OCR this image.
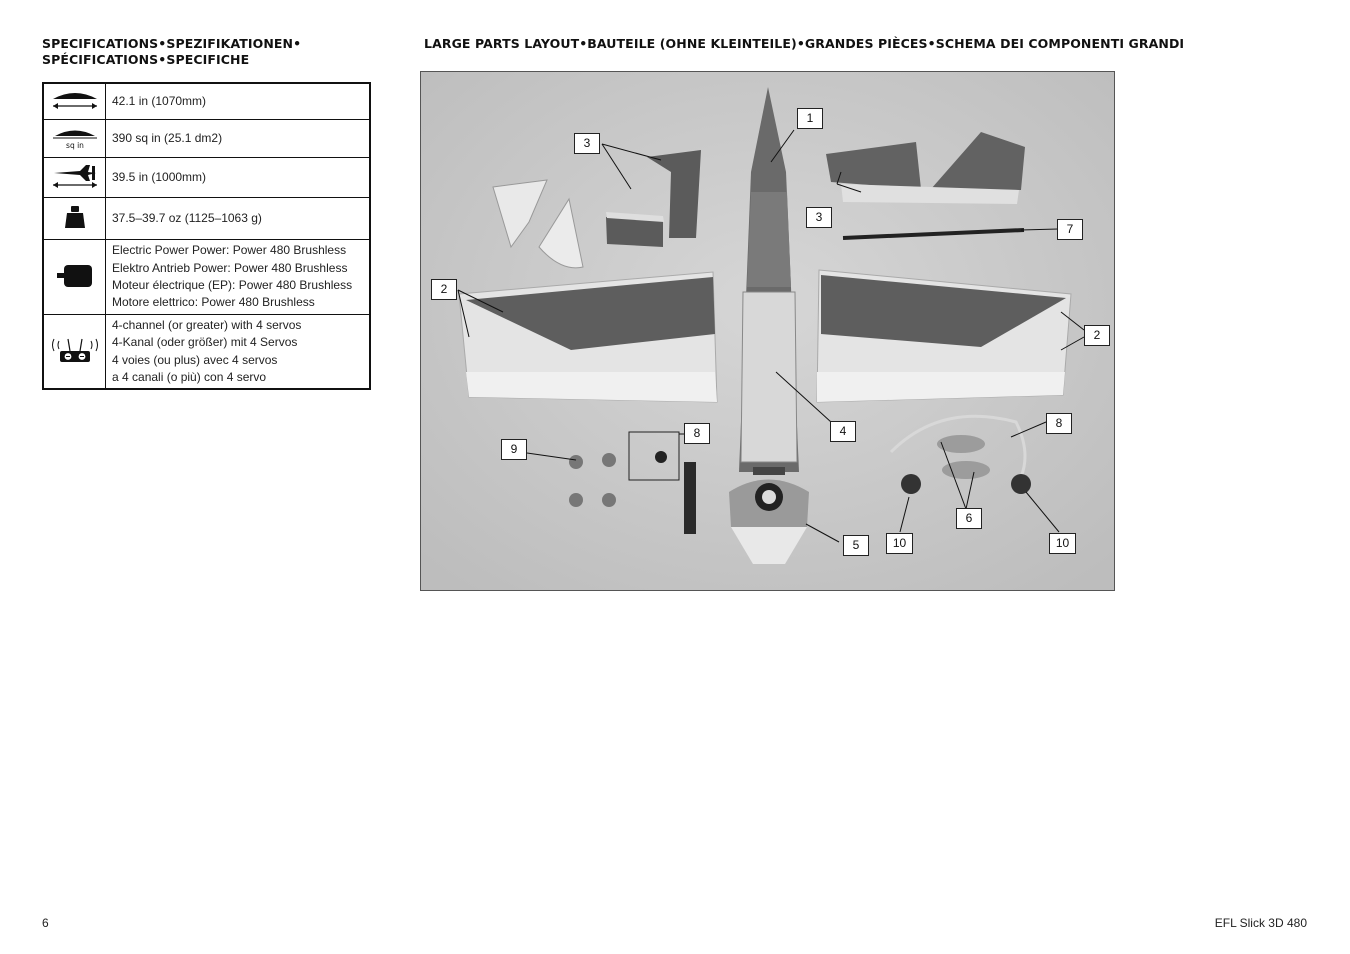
SPECIFICATIONS•SPEZIFIKATIONEN• SPÉCIFICATIONS•SPECIFICHE
LARGE PARTS LAYOUT•BAUTEILE (OHNE KLEINTEILE)•GRANDES PIÈCES•SCHEMA DEI COMPONENTI GRANDI

42.1 in (1070mm)

sq in	390 sq in (25.1 dm2)

39.5 in (1000mm)

37.5–39.7 oz (1125–1063 g)

Electric Power Power: Power 480 Brushless
Elektro Antrieb Power: Power 480 Brushless
Moteur électrique (EP): Power 480 Brushless
Motore elettrico: Power 480 Brushless

4-channel (or greater) with 4 servos
4-Kanal (oder größer) mit 4 Servos
4 voies (ou plus) avec 4 servos
a 4 canali (o più) con 4 servo
1
3
3
7
2
2
4
8
8
9
5
6
10	10
6	EFL Slick 3D 480
